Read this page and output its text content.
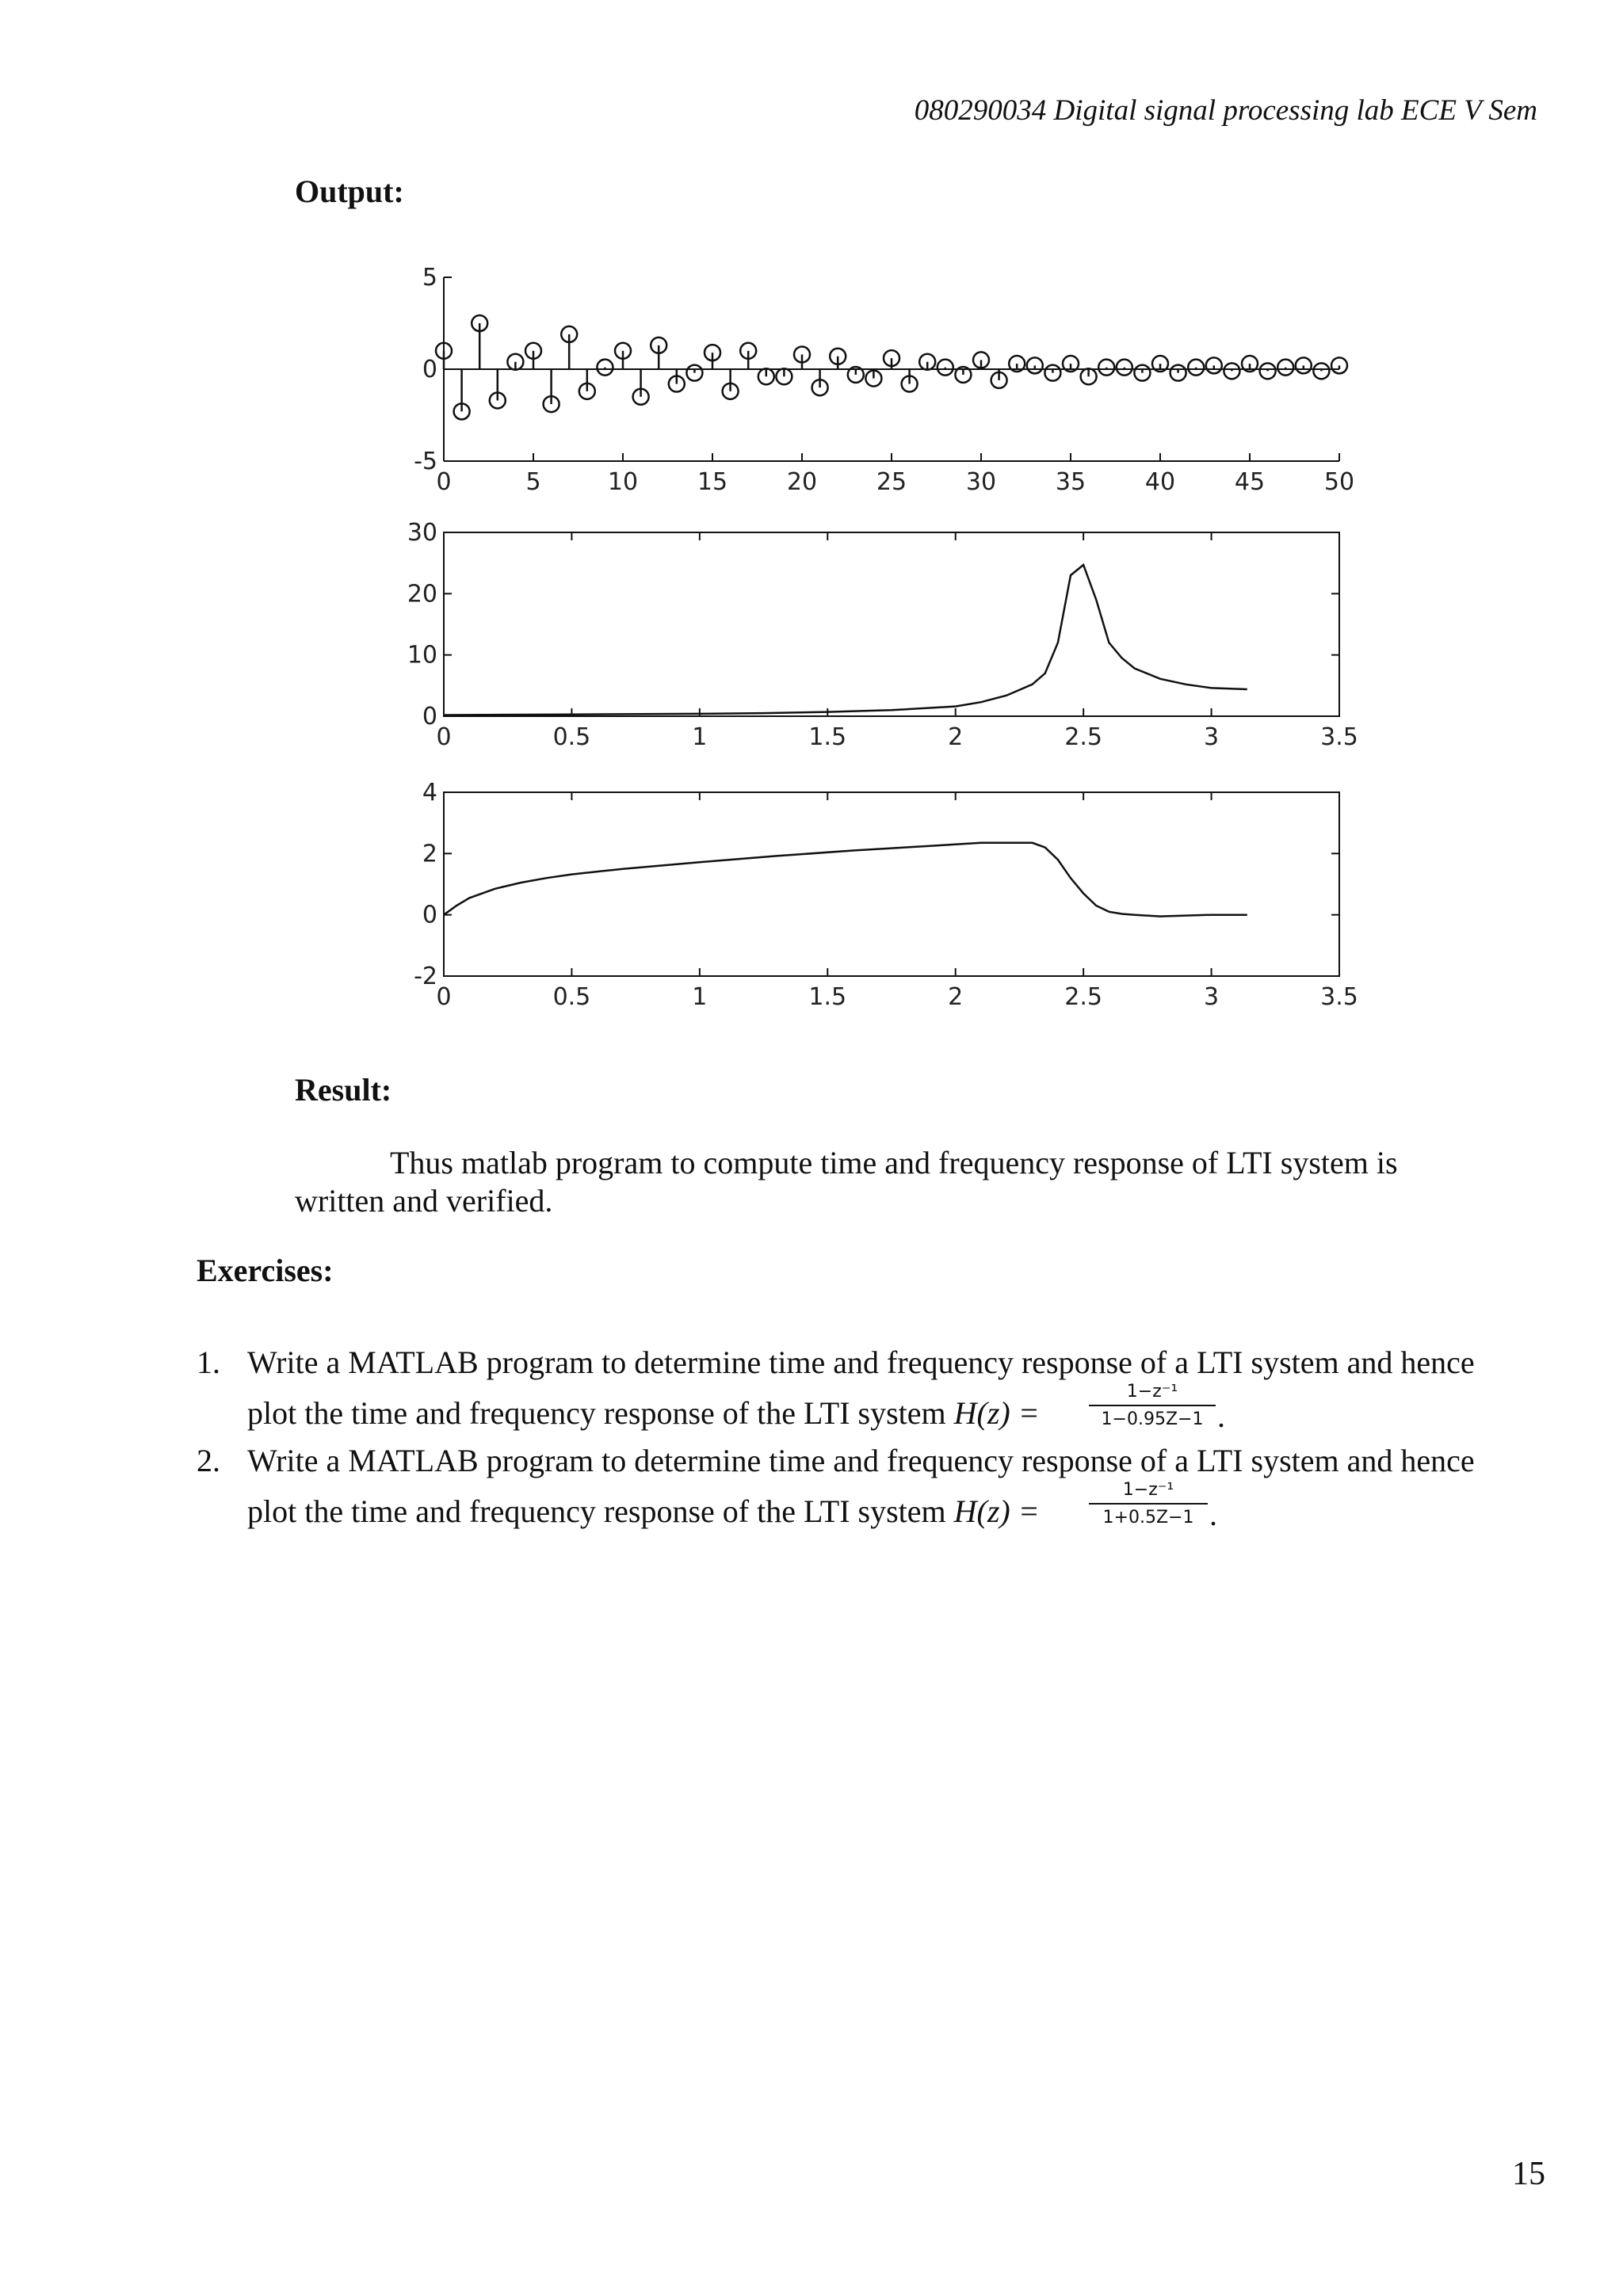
080290034 Digital signal processing lab ECE V Sem
Output:
0	5	10 15 20 25 30 35 40 45 50
5
0
-5
0	0.5	1	1.5	2	2.5	3	3.5
30
20
10
0
0	0.5	1	1.5	2	2.5	3	3.5
4
2
0
-2
Result:
Thus matlab program to compute time and frequency response of LTI system is
written and verified.
Exercises:
1. Write a MATLAB program to determine time and frequency response of a LTI system and hence
plot the time and frequency response of the LTI system H(z) =	$\frac{\text{1−z⁻¹}}{1-0.95Z-1}$ .
2. Write a MATLAB program to determine time and frequency response of a LTI system and hence
plot the time and frequency response of the LTI system H(z) =	$\frac{\text{1−z⁻¹}}{1+0.5Z-1}$ .
15
